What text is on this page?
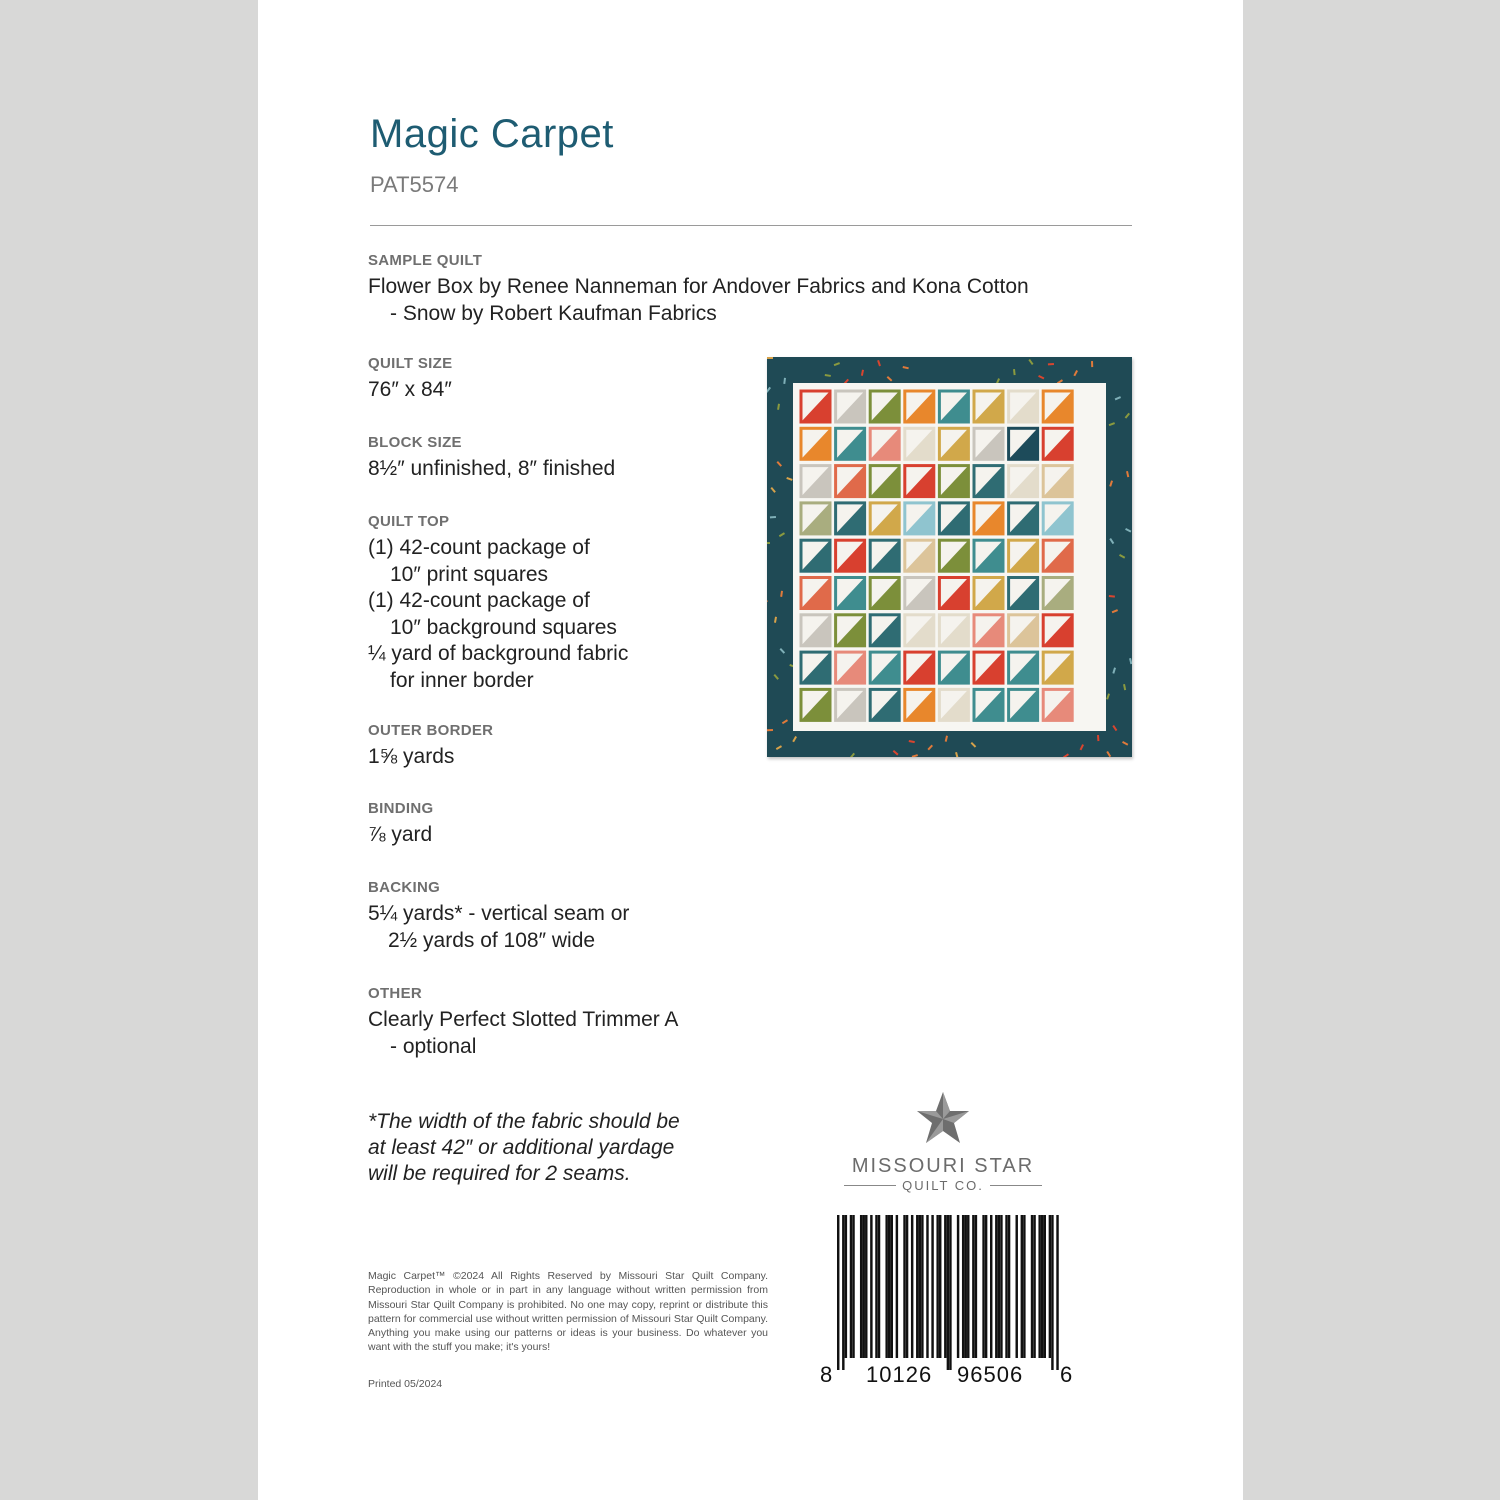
Magic Carpet
PAT5574
SAMPLE QUILT
Flower Box by Renee Nanneman for Andover Fabrics and Kona Cotton
- Snow by Robert Kaufman Fabrics
QUILT SIZE
76″ x 84″
BLOCK SIZE
8½″ unfinished, 8″ finished
QUILT TOP
(1) 42-count package of
10″ print squares
(1) 42-count package of
10″ background squares
¼ yard of background fabric
for inner border
OUTER BORDER
1⅝ yards
BINDING
⅞ yard
BACKING
5¼ yards* - vertical seam or
2½ yards of 108″ wide
OTHER
Clearly Perfect Slotted Trimmer A
- optional
*The width of the fabric should be
at least 42″ or additional yardage
will be required for 2 seams.
Magic Carpet™ ©2024 All Rights Reserved by Missouri Star Quilt Company. Reproduction in whole or in part in any language without written permission from Missouri Star Quilt Company is prohibited. No one may copy, reprint or distribute this pattern for commercial use without written permission of Missouri Star Quilt Company. Anything you make using our patterns or ideas is your business. Do whatever you want with the stuff you make; it's yours!
Printed 05/2024
MISSOURI STAR
QUILT CO.
8 10126 96506 6
